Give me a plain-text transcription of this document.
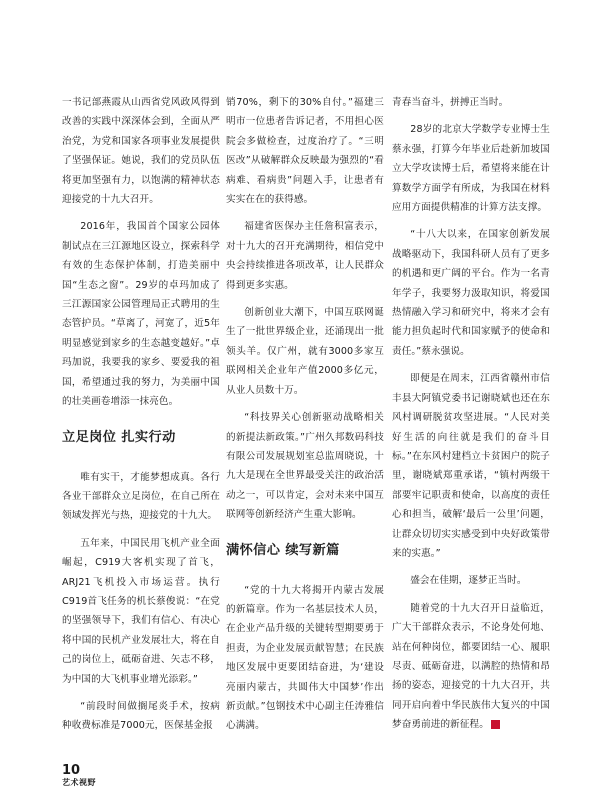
一书记部燕霞从山西省党风政风得到改善的实践中深深体会到，全面从严治党，为党和国家各项事业发展提供了坚强保证。她说，我们的党员队伍将更加坚强有力，以饱满的精神状态迎接党的十九大召开。
2016年，我国首个国家公园体制试点在三江源地区设立，探索科学有效的生态保护体制，打造美丽中国“生态之窗”。29岁的卓玛加成了三江源国家公园管理局正式聘用的生态管护员。“草离了，河宽了，近5年明显感觉到家乡的生态越变越好。”卓玛加说，我要我的家乡、要爱我的祖国，希望通过我的努力，为美丽中国的壮美画卷增添一抹亮色。
立足岗位 扎实行动
唯有实干，才能梦想成真。各行各业干部群众立足岗位，在自己所在领域发挥光与热，迎接党的十九大。
五年来，中国民用飞机产业全面崛起，C919大客机实现了首飞，ARJ21飞机投入市场运营。执行C919首飞任务的机长蔡俊说：“在党的坚强领导下，我们有信心、有决心将中国的民机产业发展壮大，将在自己的岗位上，砥砺奋进、矢志不移，为中国的大飞机事业增光添彩。”
“前段时间做搁尾炎手术，按病种收费标准是7000元，医保基金报
销70%，剩下的30%自付。”福建三明市一位患者告诉记者，不用担心医院会多做检查，过度治疗了。“三明医改”从破解群众反映最为强烈的“看病难、看病贵”问题入手，让患者有实实在在的获得感。
福建省医保办主任詹积富表示，对十九大的召开充满期待，相信党中央会持续推进各项改革，让人民群众得到更多实惠。
创新创业大潮下，中国互联网诞生了一批世界级企业，还涌现出一批领头羊。仅广州，就有3000多家互联网相关企业年产值2000多亿元，从业人员数十万。
“科技界关心创新驱动战略相关的新提法新政策。”广州久邦数码科技有限公司发展规划室总监周晓说，十九大是现在全世界最受关注的政治活动之一，可以肯定，会对未来中国互联网等创新经济产生重大影响。
满怀信心 续写新篇
“党的十九大将揭开内蒙古发展的新篇章。作为一名基层技术人员，在企业产品升级的关键转型期要勇于担责，为企业发展贡献智慧；在民族地区发展中更要团结奋进，为‘建设亮丽内蒙古，共圆伟大中国梦’作出新贡献。”包钢技术中心副主任涛雅信心满满。
青春当奋斗，拼搏正当时。
28岁的北京大学数学专业博士生蔡永强，打算今年毕业后赴新加坡国立大学攻读博士后，希望将来能在计算数学方面学有所成，为我国在材料应用方面提供精准的计算方法支撑。
“十八大以来，在国家创新发展战略驱动下，我国科研人员有了更多的机遇和更广阔的平台。作为一名青年学子，我要努力汲取知识，将爱国热情融入学习和研究中，将来才会有能力担负起时代和国家赋予的使命和责任。”蔡永强说。
即便是在周末，江西省赣州市信丰县大阿镇党委书记谢晓斌也还在东风村调研脱贫攻坚进展。“人民对美好生活的向往就是我们的奋斗目标。”在东风村建档立卡贫困户的院子里，谢晓斌郑重承诺，“镇村两级干部要牢记职责和使命，以高度的责任心和担当，破解‘最后一公里’问题，让群众切切实实感受到中央好政策带来的实惠。”
盛会在佳期，逐梦正当时。
随着党的十九大召开日益临近，广大干部群众表示，不论身处何地、站在何种岗位，都要团结一心、履职尽责、砥砺奋进，以满腔的热情和昂扬的姿态，迎接党的十九大召开，共同开启向着中华民族伟大复兴的中国梦奋勇前进的新征程。	N
10
艺术视野
